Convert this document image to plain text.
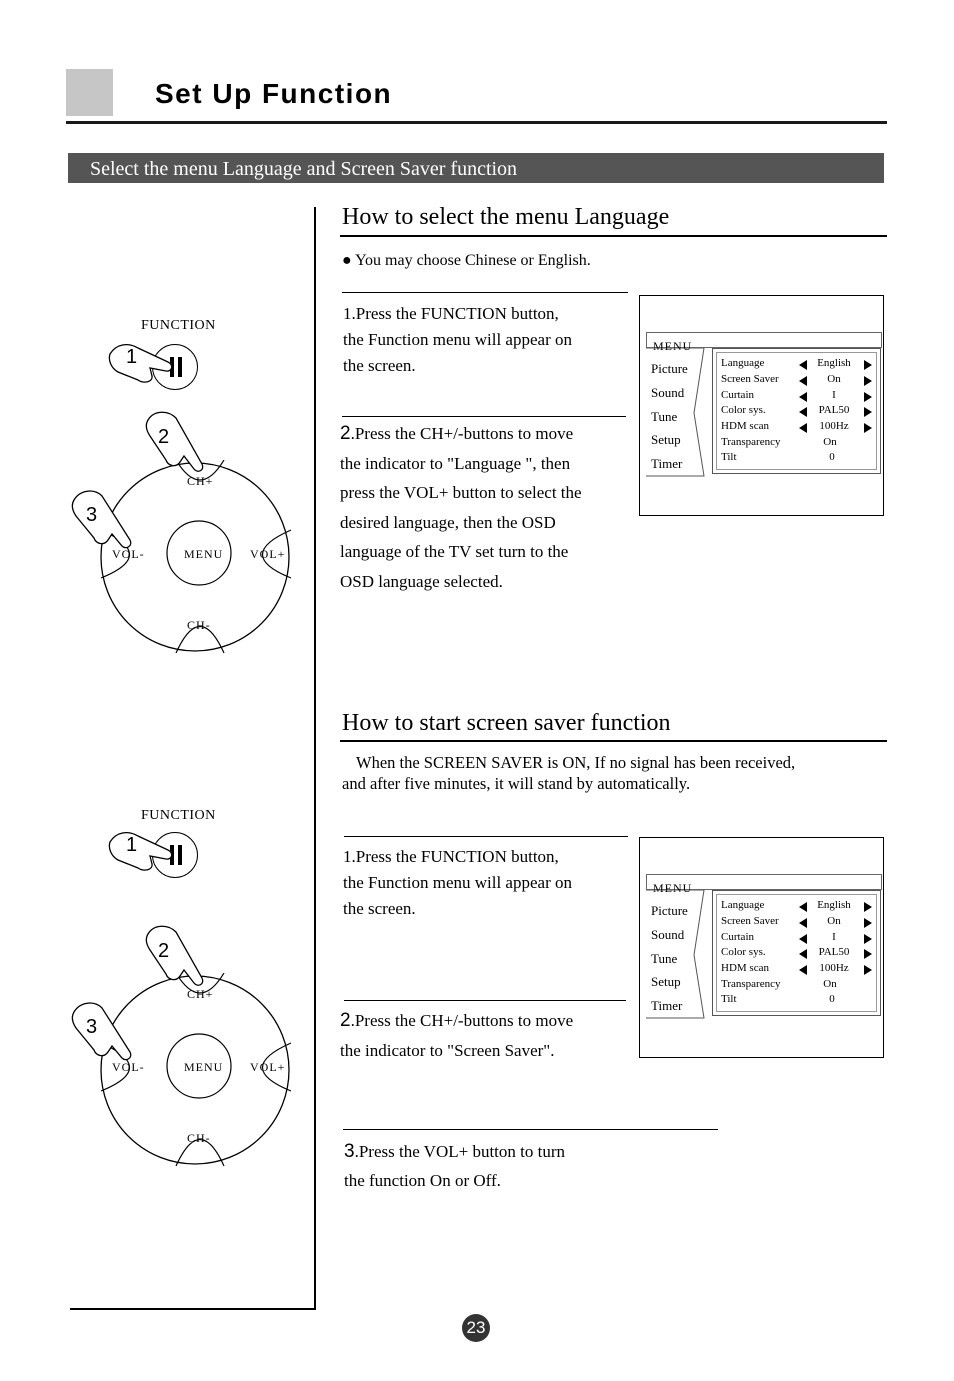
Set Up Function
Select the menu Language and Screen Saver function
How to select the menu Language
● You may choose Chinese or English.
1.Press the FUNCTION button,
the Function menu will appear on
the screen.
2.Press the CH+/-buttons to move
the indicator to "Language ", then
press the VOL+ button to select the
desired language, then the OSD
language of the TV set turn to the
OSD language selected.
MENU
Picture
Sound
Tune
Setup
Timer
Language	English
Screen Saver	On
Curtain	I
Color sys.	PAL50
HDM scan	100Hz
Transparency	On
Tilt	0
FUNCTION
1
CH+
CH-
VOL-	VOL+
MENU
2
3
How to start screen saver function
When the SCREEN SAVER is ON, If no signal has been received,
and after five minutes, it will stand by automatically.
1.Press the FUNCTION button,
the Function menu will appear on
the screen.
2.Press the CH+/-buttons to move
the indicator to "Screen Saver".
3.Press the VOL+ button to turn
the function On or Off.
MENU
Picture
Sound
Tune
Setup
Timer
Language	English
Screen Saver	On
Curtain	I
Color sys.	PAL50
HDM scan	100Hz
Transparency	On
Tilt	0
FUNCTION
1
CH+
CH-
VOL-	VOL+
MENU
2
3
23
